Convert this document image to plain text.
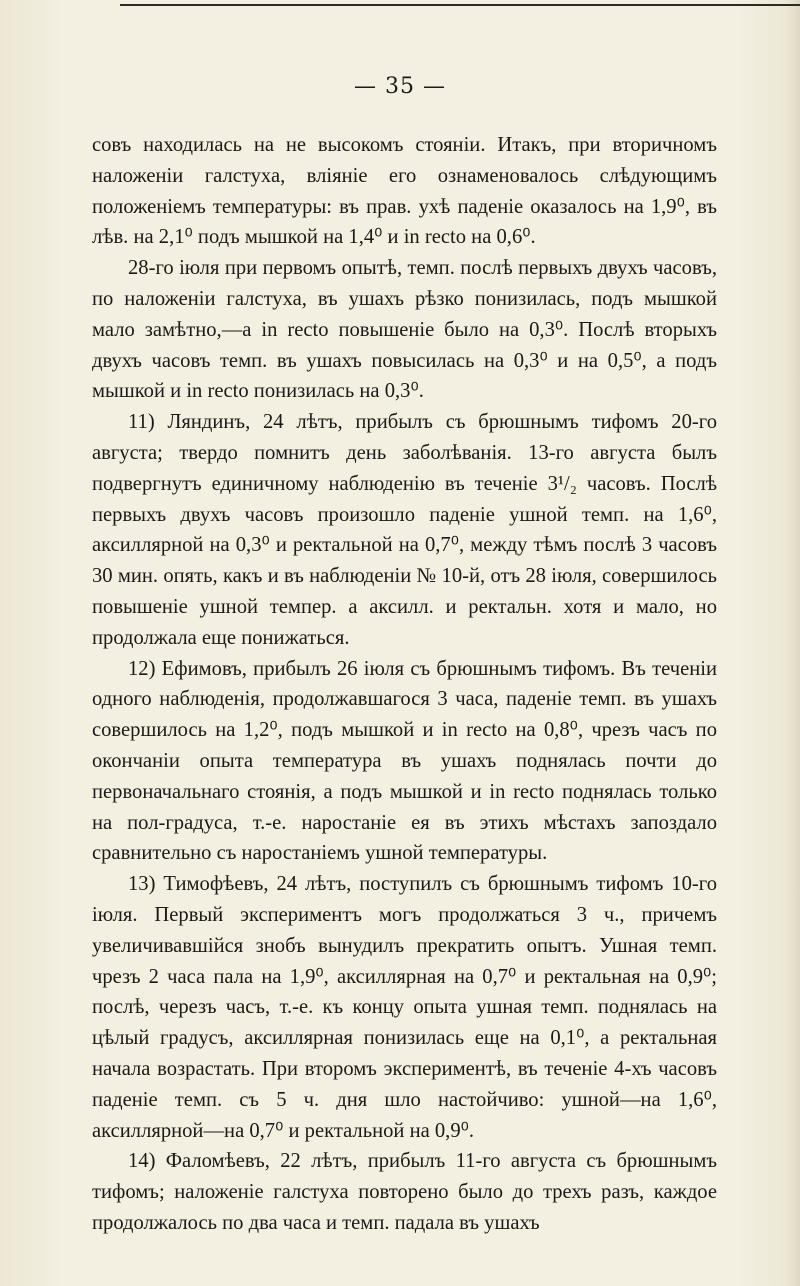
— 35 —

совъ находилась на не высокомъ стоянiи. Итакъ, при вторичномъ наложенiи галстуха, влiянiе его ознаменовалось слѣдующимъ положенiемъ температуры: въ прав. ухѣ паденiе оказалось на 1,9⁰, въ лѣв. на 2,1⁰ подъ мышкой на 1,4⁰ и in recto на 0,6⁰.

28-го iюля при первомъ опытѣ, темп. послѣ первыхъ двухъ часовъ, по наложенiи галстуха, въ ушахъ рѣзко понизилась, подъ мышкой мало замѣтно,—а in recto повышенiе было на 0,3⁰. Послѣ вторыхъ двухъ часовъ темп. въ ушахъ повысилась на 0,3⁰ и на 0,5⁰, а подъ мышкой и in recto понизилась на 0,3⁰.

11) Ляндинъ, 24 лѣтъ, прибылъ съ брюшнымъ тифомъ 20-го августа; твердо помнитъ день заболѣванiя. 13-го августа былъ подвергнутъ единичному наблюденiю въ теченiе 3¹/₂ часовъ. Послѣ первыхъ двухъ часовъ произошло паденiе ушной темп. на 1,6⁰, аксиллярной на 0,3⁰ и ректальной на 0,7⁰, между тѣмъ послѣ 3 часовъ 30 мин. опять, какъ и въ наблюденiи № 10-й, отъ 28 iюля, совершилось повышенiе ушной темпер. а аксилл. и ректальн. хотя и мало, но продолжала еще понижаться.

12) Ефимовъ, прибылъ 26 iюля съ брюшнымъ тифомъ. Въ теченiи одного наблюденiя, продолжавшагося 3 часа, паденiе темп. въ ушахъ совершилось на 1,2⁰, подъ мышкой и in recto на 0,8⁰, чрезъ часъ по окончанiи опыта температура въ ушахъ поднялась почти до первоначальнаго стоянiя, а подъ мышкой и in recto поднялась только на пол-градуса, т.-е. наростанiе ея въ этихъ мѣстахъ запоздало сравнительно съ наростанiемъ ушной температуры.

13) Тимофѣевъ, 24 лѣтъ, поступилъ съ брюшнымъ тифомъ 10-го iюля. Первый экспериментъ могъ продолжаться 3 ч., причемъ увеличивавшiйся знобъ вынудилъ прекратить опытъ. Ушная темп. чрезъ 2 часа пала на 1,9⁰, аксиллярная на 0,7⁰ и ректальная на 0,9⁰; послѣ, черезъ часъ, т.-е. къ концу опыта ушная темп. поднялась на цѣлый градусъ, аксиллярная понизилась еще на 0,1⁰, а ректальная начала возрастать. При второмъ экспериментѣ, въ теченiе 4-хъ часовъ паденiе темп. съ 5 ч. дня шло настойчиво: ушной—на 1,6⁰, аксиллярной—на 0,7⁰ и ректальной на 0,9⁰.

14) Фаломѣевъ, 22 лѣтъ, прибылъ 11-го августа съ брюшнымъ тифомъ; наложенiе галстуха повторено было до трехъ разъ, каждое продолжалось по два часа и темп. падала въ ушахъ
